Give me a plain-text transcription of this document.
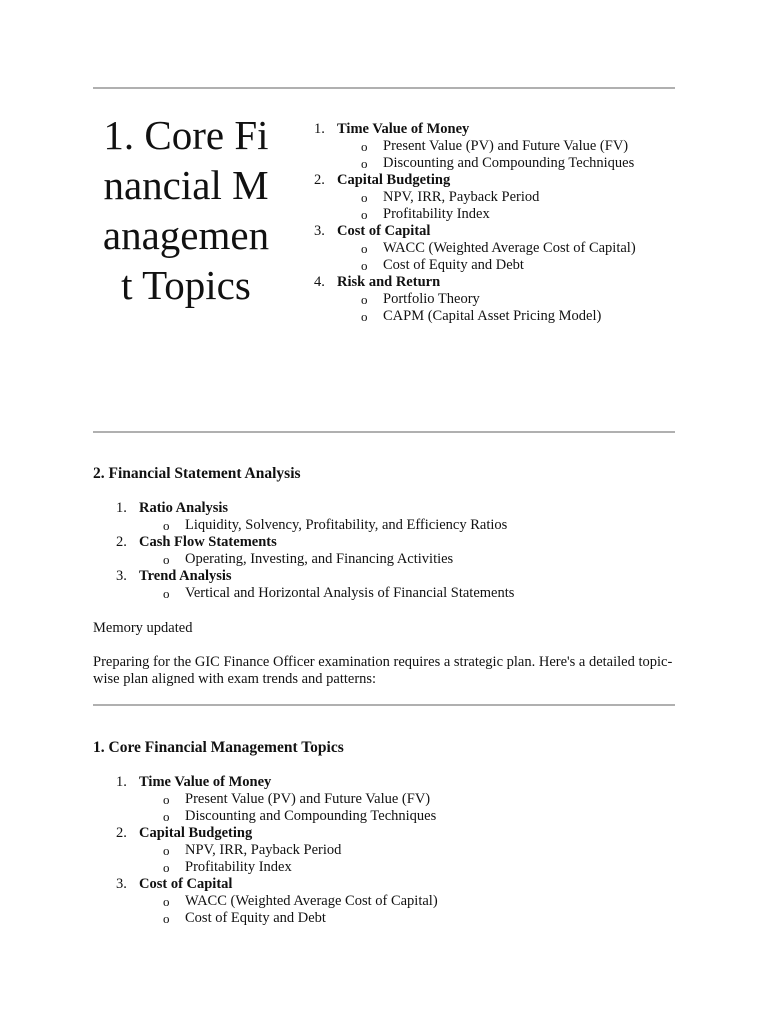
1. Core Financial Management Topics
1. Time Value of Money
o Present Value (PV) and Future Value (FV)
o Discounting and Compounding Techniques
2. Capital Budgeting
o NPV, IRR, Payback Period
o Profitability Index
3. Cost of Capital
o WACC (Weighted Average Cost of Capital)
o Cost of Equity and Debt
4. Risk and Return
o Portfolio Theory
o CAPM (Capital Asset Pricing Model)
2. Financial Statement Analysis
1. Ratio Analysis
o Liquidity, Solvency, Profitability, and Efficiency Ratios
2. Cash Flow Statements
o Operating, Investing, and Financing Activities
3. Trend Analysis
o Vertical and Horizontal Analysis of Financial Statements

Memory updated

Preparing for the GIC Finance Officer examination requires a strategic plan. Here's a detailed topic-wise plan aligned with exam trends and patterns:

1. Core Financial Management Topics
1. Time Value of Money
o Present Value (PV) and Future Value (FV)
o Discounting and Compounding Techniques
2. Capital Budgeting
o NPV, IRR, Payback Period
o Profitability Index
3. Cost of Capital
o WACC (Weighted Average Cost of Capital)
o Cost of Equity and Debt
